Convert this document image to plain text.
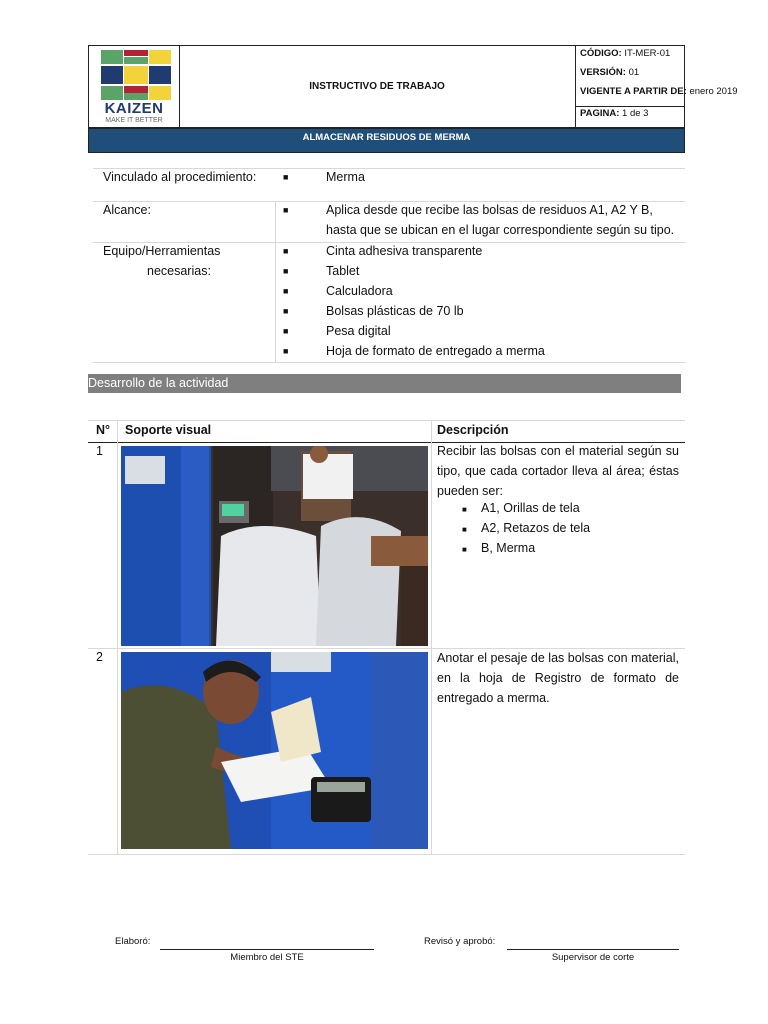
KAIZEN
MAKE IT BETTER
INSTRUCTIVO DE TRABAJO
CÓDIGO: IT-MER-01
VERSIÓN: 01
VIGENTE A PARTIR DE: enero 2019
PAGINA: 1 de 3
ALMACENAR RESIDUOS DE MERMA
Vinculado al procedimiento:	■	Merma
Alcance:	■	Aplica desde que recibe las bolsas de residuos A1, A2 Y B, hasta que se ubican en el lugar correspondiente según su tipo.
Equipo/Herramientas
necesarias:
■	Cinta adhesiva transparente
■	Tablet
■	Calculadora
■	Bolsas plásticas de 70 lb
■	Pesa digital
■	Hoja de formato de entregado a merma
Desarrollo de la actividad
N° Soporte visual	Descripción
1	Recibir las bolsas con el material según su tipo, que cada cortador lleva al área; éstas pueden ser:
■ A1, Orillas de tela
■ A2, Retazos de tela
■ B, Merma
2	Anotar el pesaje de las bolsas con material, en la hoja de Registro de formato de entregado a merma.
Elaboró:
Miembro del STE
Revisó y aprobó:
Supervisor de corte
